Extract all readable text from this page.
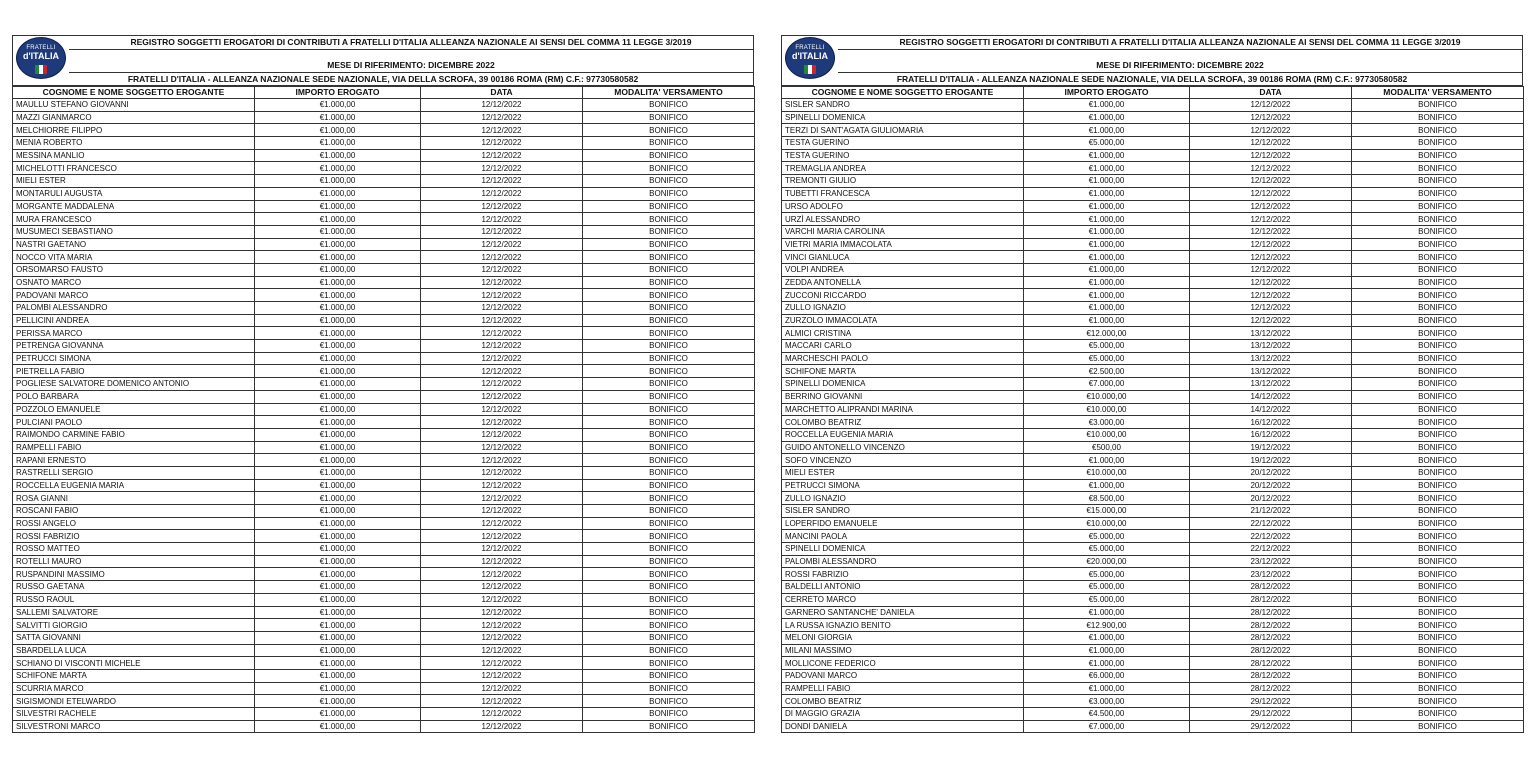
FRATELLI
d'ITALIA
REGISTRO SOGGETTI EROGATORI DI CONTRIBUTI A FRATELLI D'ITALIA ALLEANZA NAZIONALE AI SENSI DEL COMMA 11 LEGGE 3/2019
MESE DI RIFERIMENTO: DICEMBRE 2022
FRATELLI D'ITALIA - ALLEANZA NAZIONALE SEDE NAZIONALE, VIA DELLA SCROFA, 39 00186 ROMA (RM) C.F.: 97730580582
COGNOME E NOME SOGGETTO EROGANTE	IMPORTO EROGATO	DATA	MODALITA' VERSAMENTO
MAULLU STEFANO GIOVANNI	€1.000,00	12/12/2022	BONIFICO
MAZZI GIANMARCO	€1.000,00	12/12/2022	BONIFICO
MELCHIORRE FILIPPO	€1.000,00	12/12/2022	BONIFICO
MENIA ROBERTO	€1.000,00	12/12/2022	BONIFICO
MESSINA MANLIO	€1.000,00	12/12/2022	BONIFICO
MICHELOTTI FRANCESCO	€1.000,00	12/12/2022	BONIFICO
MIELI ESTER	€1.000,00	12/12/2022	BONIFICO
MONTARULI AUGUSTA	€1.000,00	12/12/2022	BONIFICO
MORGANTE MADDALENA	€1.000,00	12/12/2022	BONIFICO
MURA FRANCESCO	€1.000,00	12/12/2022	BONIFICO
MUSUMECI SEBASTIANO	€1.000,00	12/12/2022	BONIFICO
NASTRI GAETANO	€1.000,00	12/12/2022	BONIFICO
NOCCO VITA MARIA	€1.000,00	12/12/2022	BONIFICO
ORSOMARSO FAUSTO	€1.000,00	12/12/2022	BONIFICO
OSNATO MARCO	€1.000,00	12/12/2022	BONIFICO
PADOVANI MARCO	€1.000,00	12/12/2022	BONIFICO
PALOMBI ALESSANDRO	€1.000,00	12/12/2022	BONIFICO
PELLICINI ANDREA	€1.000,00	12/12/2022	BONIFICO
PERISSA MARCO	€1.000,00	12/12/2022	BONIFICO
PETRENGA GIOVANNA	€1.000,00	12/12/2022	BONIFICO
PETRUCCI SIMONA	€1.000,00	12/12/2022	BONIFICO
PIETRELLA FABIO	€1.000,00	12/12/2022	BONIFICO
POGLIESE SALVATORE DOMENICO ANTONIO	€1.000,00	12/12/2022	BONIFICO
POLO BARBARA	€1.000,00	12/12/2022	BONIFICO
POZZOLO EMANUELE	€1.000,00	12/12/2022	BONIFICO
PULCIANI PAOLO	€1.000,00	12/12/2022	BONIFICO
RAIMONDO CARMINE FABIO	€1.000,00	12/12/2022	BONIFICO
RAMPELLI FABIO	€1.000,00	12/12/2022	BONIFICO
RAPANI ERNESTO	€1.000,00	12/12/2022	BONIFICO
RASTRELLI SERGIO	€1.000,00	12/12/2022	BONIFICO
ROCCELLA EUGENIA MARIA	€1.000,00	12/12/2022	BONIFICO
ROSA GIANNI	€1.000,00	12/12/2022	BONIFICO
ROSCANI FABIO	€1.000,00	12/12/2022	BONIFICO
ROSSI ANGELO	€1.000,00	12/12/2022	BONIFICO
ROSSI FABRIZIO	€1.000,00	12/12/2022	BONIFICO
ROSSO MATTEO	€1.000,00	12/12/2022	BONIFICO
ROTELLI MAURO	€1.000,00	12/12/2022	BONIFICO
RUSPANDINI MASSIMO	€1.000,00	12/12/2022	BONIFICO
RUSSO GAETANA	€1.000,00	12/12/2022	BONIFICO
RUSSO RAOUL	€1.000,00	12/12/2022	BONIFICO
SALLEMI SALVATORE	€1.000,00	12/12/2022	BONIFICO
SALVITTI GIORGIO	€1.000,00	12/12/2022	BONIFICO
SATTA GIOVANNI	€1.000,00	12/12/2022	BONIFICO
SBARDELLA LUCA	€1.000,00	12/12/2022	BONIFICO
SCHIANO DI VISCONTI MICHELE	€1.000,00	12/12/2022	BONIFICO
SCHIFONE MARTA	€1.000,00	12/12/2022	BONIFICO
SCURRIA MARCO	€1.000,00	12/12/2022	BONIFICO
SIGISMONDI ETELWARDO	€1.000,00	12/12/2022	BONIFICO
SILVESTRI RACHELE	€1.000,00	12/12/2022	BONIFICO
SILVESTRONI MARCO	€1.000,00	12/12/2022	BONIFICO
FRATELLI
d'ITALIA
REGISTRO SOGGETTI EROGATORI DI CONTRIBUTI A FRATELLI D'ITALIA ALLEANZA NAZIONALE AI SENSI DEL COMMA 11 LEGGE 3/2019
MESE DI RIFERIMENTO: DICEMBRE 2022
FRATELLI D'ITALIA - ALLEANZA NAZIONALE SEDE NAZIONALE, VIA DELLA SCROFA, 39 00186 ROMA (RM) C.F.: 97730580582
COGNOME E NOME SOGGETTO EROGANTE	IMPORTO EROGATO	DATA	MODALITA' VERSAMENTO
SISLER SANDRO	€1.000,00	12/12/2022	BONIFICO
SPINELLI DOMENICA	€1.000,00	12/12/2022	BONIFICO
TERZI DI SANT'AGATA GIULIOMARIA	€1.000,00	12/12/2022	BONIFICO
TESTA GUERINO	€5.000,00	12/12/2022	BONIFICO
TESTA GUERINO	€1.000,00	12/12/2022	BONIFICO
TREMAGLIA ANDREA	€1.000,00	12/12/2022	BONIFICO
TREMONTI GIULIO	€1.000,00	12/12/2022	BONIFICO
TUBETTI FRANCESCA	€1.000,00	12/12/2022	BONIFICO
URSO ADOLFO	€1.000,00	12/12/2022	BONIFICO
URZÌ ALESSANDRO	€1.000,00	12/12/2022	BONIFICO
VARCHI MARIA CAROLINA	€1.000,00	12/12/2022	BONIFICO
VIETRI MARIA IMMACOLATA	€1.000,00	12/12/2022	BONIFICO
VINCI GIANLUCA	€1.000,00	12/12/2022	BONIFICO
VOLPI ANDREA	€1.000,00	12/12/2022	BONIFICO
ZEDDA ANTONELLA	€1.000,00	12/12/2022	BONIFICO
ZUCCONI RICCARDO	€1.000,00	12/12/2022	BONIFICO
ZULLO IGNAZIO	€1.000,00	12/12/2022	BONIFICO
ZURZOLO IMMACOLATA	€1.000,00	12/12/2022	BONIFICO
ALMICI CRISTINA	€12.000,00	13/12/2022	BONIFICO
MACCARI CARLO	€5.000,00	13/12/2022	BONIFICO
MARCHESCHI PAOLO	€5.000,00	13/12/2022	BONIFICO
SCHIFONE MARTA	€2.500,00	13/12/2022	BONIFICO
SPINELLI DOMENICA	€7.000,00	13/12/2022	BONIFICO
BERRINO GIOVANNI	€10.000,00	14/12/2022	BONIFICO
MARCHETTO ALIPRANDI MARINA	€10.000,00	14/12/2022	BONIFICO
COLOMBO BEATRIZ	€3.000,00	16/12/2022	BONIFICO
ROCCELLA EUGENIA MARIA	€10.000,00	16/12/2022	BONIFICO
GUIDO ANTONELLO VINCENZO	€500,00	19/12/2022	BONIFICO
SOFO VINCENZO	€1.000,00	19/12/2022	BONIFICO
MIELI ESTER	€10.000,00	20/12/2022	BONIFICO
PETRUCCI SIMONA	€1.000,00	20/12/2022	BONIFICO
ZULLO IGNAZIO	€8.500,00	20/12/2022	BONIFICO
SISLER SANDRO	€15.000,00	21/12/2022	BONIFICO
LOPERFIDO EMANUELE	€10.000,00	22/12/2022	BONIFICO
MANCINI PAOLA	€5.000,00	22/12/2022	BONIFICO
SPINELLI DOMENICA	€5.000,00	22/12/2022	BONIFICO
PALOMBI ALESSANDRO	€20.000,00	23/12/2022	BONIFICO
ROSSI FABRIZIO	€5.000,00	23/12/2022	BONIFICO
BALDELLI ANTONIO	€5.000,00	28/12/2022	BONIFICO
CERRETO MARCO	€5.000,00	28/12/2022	BONIFICO
GARNERO SANTANCHE' DANIELA	€1.000,00	28/12/2022	BONIFICO
LA RUSSA IGNAZIO BENITO	€12.900,00	28/12/2022	BONIFICO
MELONI GIORGIA	€1.000,00	28/12/2022	BONIFICO
MILANI MASSIMO	€1.000,00	28/12/2022	BONIFICO
MOLLICONE FEDERICO	€1.000,00	28/12/2022	BONIFICO
PADOVANI MARCO	€6.000,00	28/12/2022	BONIFICO
RAMPELLI FABIO	€1.000,00	28/12/2022	BONIFICO
COLOMBO BEATRIZ	€3.000,00	29/12/2022	BONIFICO
DI MAGGIO GRAZIA	€4.500,00	29/12/2022	BONIFICO
DONDI DANIELA	€7.000,00	29/12/2022	BONIFICO
